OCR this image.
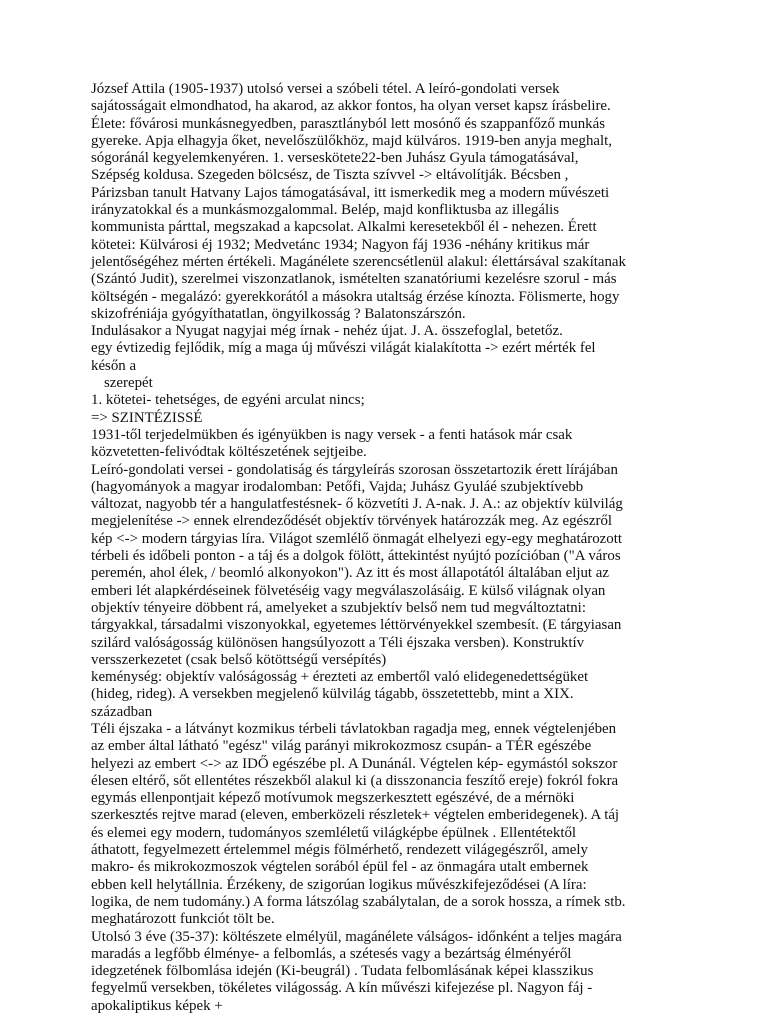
József Attila (1905-1937) utolsó versei a szóbeli tétel. A leíró-gondolati versek sajátosságait elmondhatod, ha akarod, az akkor fontos, ha olyan verset kapsz írásbelire. Élete: fővárosi munkásnegyedben, parasztlányból lett mosónő és szappanfőző munkás gyereke. Apja elhagyja őket, nevelőszülőkhöz, majd külváros. 1919-ben anyja meghalt, sógoránál kegyelemkenyéren. 1. verseskötete22-ben Juhász Gyula támogatásával, Szépség koldusa. Szegeden bölcsész, de Tiszta szívvel -> eltávolítják. Bécsben , Párizsban tanult Hatvany Lajos támogatásával, itt ismerkedik meg a modern művészeti irányzatokkal és a munkásmozgalommal. Belép, majd konfliktusba az illegális kommunista párttal, megszakad a kapcsolat. Alkalmi keresetekből él - nehezen. Érett kötetei: Külvárosi éj 1932; Medvetánc 1934; Nagyon fáj 1936 -néhány kritikus már jelentőségéhez mérten értékeli. Magánélete szerencsétlenül alakul: élettársával szakítanak (Szántó Judit), szerelmei viszonzatlanok, ismételten szanatóriumi kezelésre szorul - más költségén - megalázó: gyerekkorától a másokra utaltság érzése kínozta. Fölismerte, hogy skizofréniája gyógyíthatatlan, öngyilkosság ? Balatonszárszón.

Indulásakor a Nyugat nagyjai még írnak - nehéz újat. J. A. összefoglal, betetőz.

egy évtizedig fejlődik, míg a maga új művészi világát kialakította -> ezért mérték fel későn a

szerepét

1. kötetei- tehetséges, de egyéni arculat nincs;

=> SZINTÉZISSÉ

1931-től terjedelmükben és igényükben is nagy versek - a fenti hatások már csak közvetetten-felivódtak költészetének sejtjeibe.

Leíró-gondolati versei - gondolatiság és tárgyleírás szorosan összetartozik érett lírájában (hagyományok a magyar irodalomban: Petőfi, Vajda; Juhász Gyuláé szubjektívebb változat, nagyobb tér a hangulatfestésnek- ő közvetíti J. A-nak. J. A.: az objektív külvilág megjelenítése -> ennek elrendeződését objektív törvények határozzák meg. Az egészről kép <-> modern tárgyias líra. Világot szemlélő önmagát elhelyezi egy-egy meghatározott térbeli és időbeli ponton - a táj és a dolgok fölött, áttekintést nyújtó pozícióban ("A város peremén, ahol élek, / beomló alkonyokon"). Az itt és most állapotától általában eljut az emberi lét alapkérdéseinek fölvetéséig vagy megválaszolásáig. E külső világnak olyan objektív tényeire döbbent rá, amelyeket a szubjektív belső nem tud megváltoztatni: tárgyakkal, társadalmi viszonyokkal, egyetemes léttörvényekkel szembesít. (E tárgyiasan szilárd valóságosság különösen hangsúlyozott a Téli éjszaka versben). Konstruktív versszerkezetet (csak belső kötöttségű versépítés)

keménység: objektív valóságosság + érezteti az embertől való elidegenedettségüket (hideg, rideg). A versekben megjelenő külvilág tágabb, összetettebb, mint a XIX. században

Téli éjszaka - a látványt kozmikus térbeli távlatokban ragadja meg, ennek végtelenjében az ember által látható "egész" világ parányi mikrokozmosz csupán- a TÉR egészébe helyezi az embert <-> az IDŐ egészébe pl. A Dunánál. Végtelen kép- egymástól sokszor élesen eltérő, sőt ellentétes részekből alakul ki (a disszonancia feszítő ereje) fokról fokra egymás ellenpontjait képező motívumok megszerkesztett egészévé, de a mérnöki szerkesztés rejtve marad (eleven, emberközeli részletek+ végtelen emberidegenek). A táj és elemei egy modern, tudományos szemléletű világképbe épülnek . Ellentétektől áthatott, fegyelmezett értelemmel mégis fölmérhető, rendezett világegészről, amely makro- és mikrokozmoszok végtelen sorából épül fel - az önmagára utalt embernek ebben kell helytállnia. Érzékeny, de szigorúan logikus művészkifejeződései (A líra: logika, de nem tudomány.) A forma látszólag szabálytalan, de a sorok hossza, a rímek stb. meghatározott funkciót tölt be.

Utolsó 3 éve (35-37): költészete elmélyül, magánélete válságos- időnként a teljes magára maradás a legfőbb élménye- a felbomlás, a szétesés vagy a bezártság élményéről idegzetének fölbomlása idején (Ki-beugrál) . Tudata felbomlásának képei klasszikus fegyelmű versekben, tökéletes világosság. A kín művészi kifejezése pl. Nagyon fáj - apokaliptikus képek +
